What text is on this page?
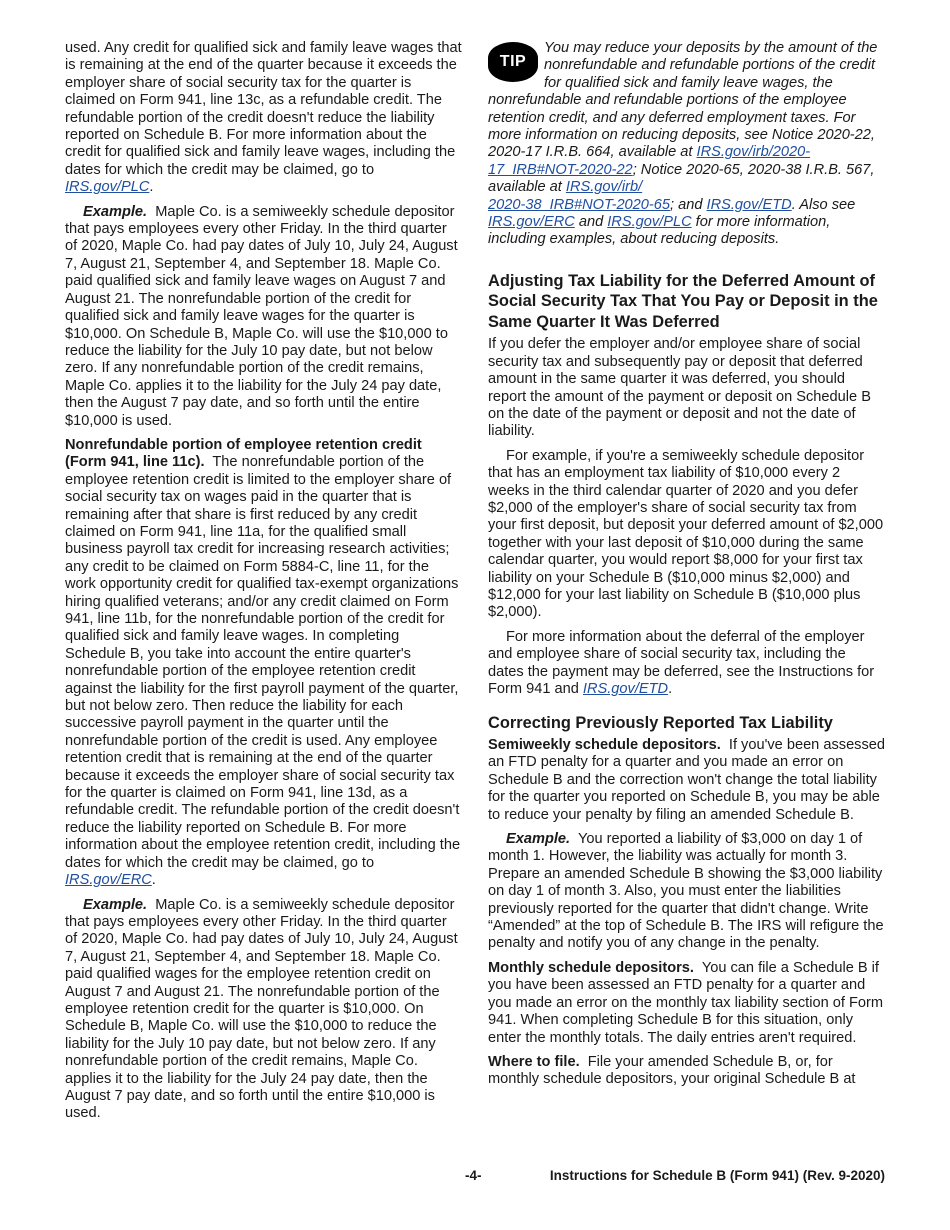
used. Any credit for qualified sick and family leave wages that is remaining at the end of the quarter because it exceeds the employer share of social security tax for the quarter is claimed on Form 941, line 13c, as a refundable credit. The refundable portion of the credit doesn't reduce the liability reported on Schedule B. For more information about the credit for qualified sick and family leave wages, including the dates for which the credit may be claimed, go to IRS.gov/PLC.

Example. Maple Co. is a semiweekly schedule depositor that pays employees every other Friday. In the third quarter of 2020, Maple Co. had pay dates of July 10, July 24, August 7, August 21, September 4, and September 18. Maple Co. paid qualified sick and family leave wages on August 7 and August 21. The nonrefundable portion of the credit for qualified sick and family leave wages for the quarter is $10,000. On Schedule B, Maple Co. will use the $10,000 to reduce the liability for the July 10 pay date, but not below zero. If any nonrefundable portion of the credit remains, Maple Co. applies it to the liability for the July 24 pay date, then the August 7 pay date, and so forth until the entire $10,000 is used.

Nonrefundable portion of employee retention credit (Form 941, line 11c). The nonrefundable portion of the employee retention credit is limited to the employer share of social security tax on wages paid in the quarter that is remaining after that share is first reduced by any credit claimed on Form 941, line 11a, for the qualified small business payroll tax credit for increasing research activities; any credit to be claimed on Form 5884-C, line 11, for the work opportunity credit for qualified tax-exempt organizations hiring qualified veterans; and/or any credit claimed on Form 941, line 11b, for the nonrefundable portion of the credit for qualified sick and family leave wages. In completing Schedule B, you take into account the entire quarter's nonrefundable portion of the employee retention credit against the liability for the first payroll payment of the quarter, but not below zero. Then reduce the liability for each successive payroll payment in the quarter until the nonrefundable portion of the credit is used. Any employee retention credit that is remaining at the end of the quarter because it exceeds the employer share of social security tax for the quarter is claimed on Form 941, line 13d, as a refundable credit. The refundable portion of the credit doesn't reduce the liability reported on Schedule B. For more information about the employee retention credit, including the dates for which the credit may be claimed, go to IRS.gov/ERC.

Example. Maple Co. is a semiweekly schedule depositor that pays employees every other Friday. In the third quarter of 2020, Maple Co. had pay dates of July 10, July 24, August 7, August 21, September 4, and September 18. Maple Co. paid qualified wages for the employee retention credit on August 7 and August 21. The nonrefundable portion of the employee retention credit for the quarter is $10,000. On Schedule B, Maple Co. will use the $10,000 to reduce the liability for the July 10 pay date, but not below zero. If any nonrefundable portion of the credit remains, Maple Co. applies it to the liability for the July 24 pay date, then the August 7 pay date, and so forth until the entire $10,000 is used.

TIP
You may reduce your deposits by the amount of the nonrefundable and refundable portions of the credit for qualified sick and family leave wages, the nonrefundable and refundable portions of the employee retention credit, and any deferred employment taxes. For more information on reducing deposits, see Notice 2020-22, 2020-17 I.R.B. 664, available at IRS.gov/irb/2020-17_IRB#NOT-2020-22; Notice 2020-65, 2020-38 I.R.B. 567, available at IRS.gov/irb/
2020-38_IRB#NOT-2020-65; and IRS.gov/ETD. Also see IRS.gov/ERC and IRS.gov/PLC for more information, including examples, about reducing deposits.
Adjusting Tax Liability for the Deferred Amount of Social Security Tax That You Pay or Deposit in the Same Quarter It Was Deferred

If you defer the employer and/or employee share of social security tax and subsequently pay or deposit that deferred amount in the same quarter it was deferred, you should report the amount of the payment or deposit on Schedule B on the date of the payment or deposit and not the date of liability.

For example, if you're a semiweekly schedule depositor that has an employment tax liability of $10,000 every 2 weeks in the third calendar quarter of 2020 and you defer $2,000 of the employer's share of social security tax from your first deposit, but deposit your deferred amount of $2,000 together with your last deposit of $10,000 during the same calendar quarter, you would report $8,000 for your first tax liability on your Schedule B ($10,000 minus $2,000) and $12,000 for your last liability on Schedule B ($10,000 plus $2,000).

For more information about the deferral of the employer and employee share of social security tax, including the dates the payment may be deferred, see the Instructions for Form 941 and IRS.gov/ETD.

Correcting Previously Reported Tax Liability

Semiweekly schedule depositors. If you've been assessed an FTD penalty for a quarter and you made an error on Schedule B and the correction won't change the total liability for the quarter you reported on Schedule B, you may be able to reduce your penalty by filing an amended Schedule B.

Example. You reported a liability of $3,000 on day 1 of month 1. However, the liability was actually for month 3. Prepare an amended Schedule B showing the $3,000 liability on day 1 of month 3. Also, you must enter the liabilities previously reported for the quarter that didn't change. Write “Amended” at the top of Schedule B. The IRS will refigure the penalty and notify you of any change in the penalty.

Monthly schedule depositors. You can file a Schedule B if you have been assessed an FTD penalty for a quarter and you made an error on the monthly tax liability section of Form 941. When completing Schedule B for this situation, only enter the monthly totals. The daily entries aren't required.

Where to file. File your amended Schedule B, or, for monthly schedule depositors, your original Schedule B at

-4-	Instructions for Schedule B (Form 941) (Rev. 9-2020)
